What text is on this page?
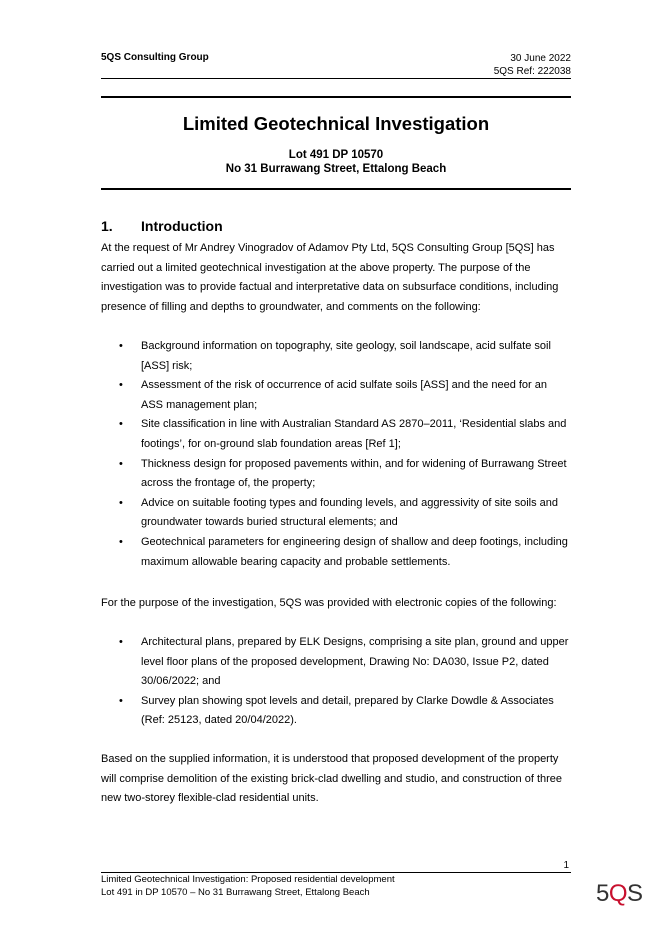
5QS Consulting Group	30 June 2022
5QS Ref: 222038
Limited Geotechnical Investigation
Lot 491 DP 10570
No 31 Burrawang Street, Ettalong Beach
1. Introduction
At the request of Mr Andrey Vinogradov of Adamov Pty Ltd, 5QS Consulting Group [5QS] has carried out a limited geotechnical investigation at the above property. The purpose of the investigation was to provide factual and interpretative data on subsurface conditions, including presence of filling and depths to groundwater, and comments on the following:
• Background information on topography, site geology, soil landscape, acid sulfate soil [ASS] risk;
• Assessment of the risk of occurrence of acid sulfate soils [ASS] and the need for an ASS management plan;
• Site classification in line with Australian Standard AS 2870–2011, ‘Residential slabs and footings’, for on-ground slab foundation areas [Ref 1];
• Thickness design for proposed pavements within, and for widening of Burrawang Street across the frontage of, the property;
• Advice on suitable footing types and founding levels, and aggressivity of site soils and groundwater towards buried structural elements; and
• Geotechnical parameters for engineering design of shallow and deep footings, including maximum allowable bearing capacity and probable settlements.
For the purpose of the investigation, 5QS was provided with electronic copies of the following:
• Architectural plans, prepared by ELK Designs, comprising a site plan, ground and upper level floor plans of the proposed development, Drawing No: DA030, Issue P2, dated 30/06/2022; and
• Survey plan showing spot levels and detail, prepared by Clarke Dowdle & Associates (Ref: 25123, dated 20/04/2022).
Based on the supplied information, it is understood that proposed development of the property will comprise demolition of the existing brick-clad dwelling and studio, and construction of three new two-storey flexible-clad residential units.
1
Limited Geotechnical Investigation: Proposed residential development
Lot 491 in DP 10570 – No 31 Burrawang Street, Ettalong Beach	5QS
